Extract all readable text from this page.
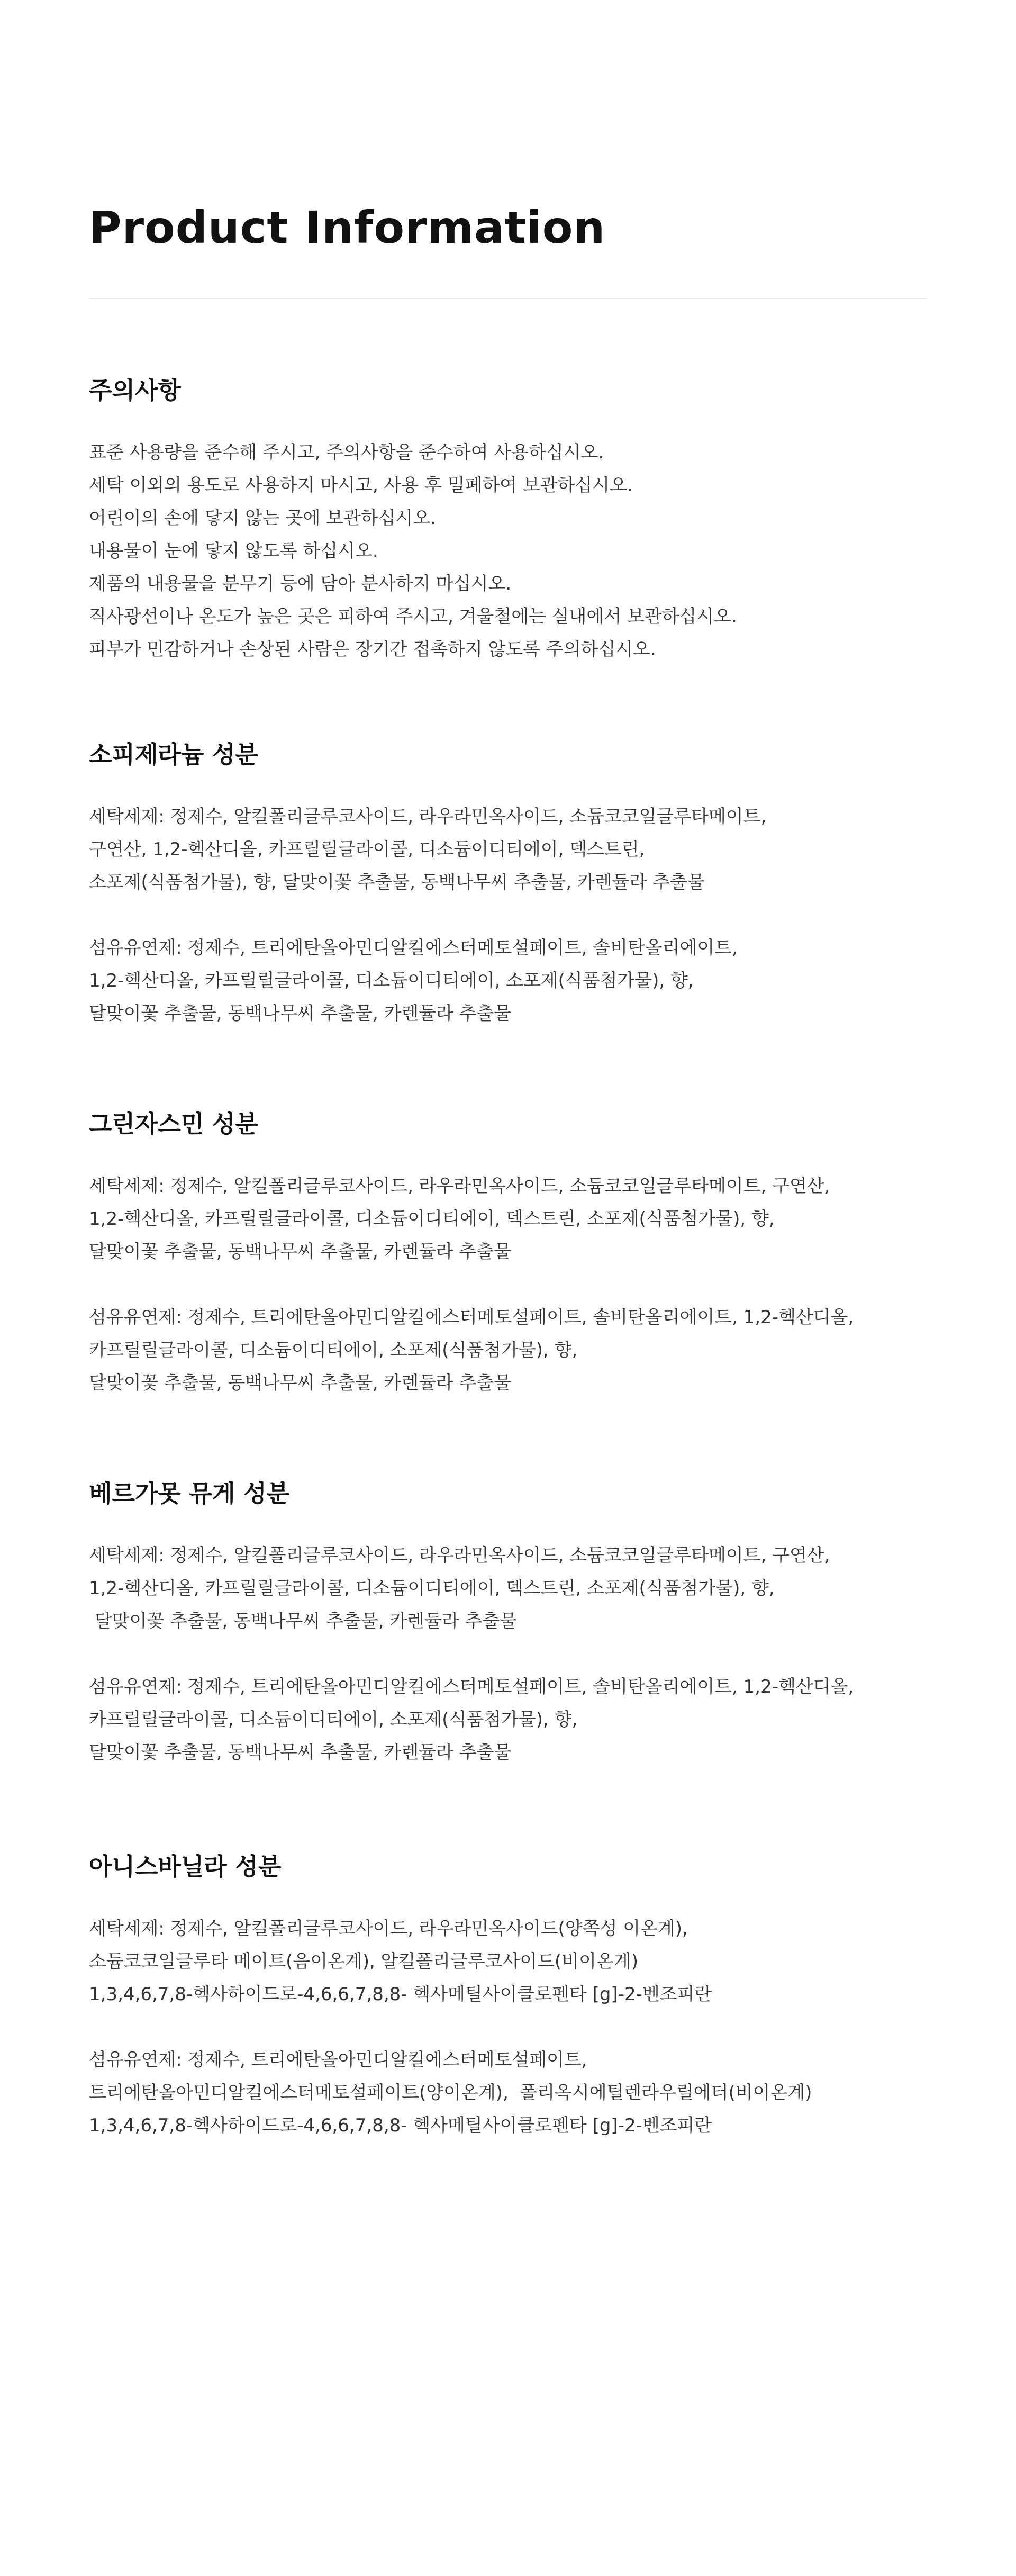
Product Information
주의사항
표준 사용량을 준수해 주시고, 주의사항을 준수하여 사용하십시오.
세탁 이외의 용도로 사용하지 마시고, 사용 후 밀폐하여 보관하십시오.
어린이의 손에 닿지 않는 곳에 보관하십시오.
내용물이 눈에 닿지 않도록 하십시오.
제품의 내용물을 분무기 등에 담아 분사하지 마십시오.
직사광선이나 온도가 높은 곳은 피하여 주시고, 겨울철에는 실내에서 보관하십시오.
피부가 민감하거나 손상된 사람은 장기간 접촉하지 않도록 주의하십시오.
소피제라늄 성분
세탁세제: 정제수, 알킬폴리글루코사이드, 라우라민옥사이드, 소듐코코일글루타메이트,
구연산, 1,2-헥산디올, 카프릴릴글라이콜, 디소듐이디티에이, 덱스트린,
소포제(식품첨가물), 향, 달맞이꽃 추출물, 동백나무씨 추출물, 카렌듈라 추출물
섬유유연제: 정제수, 트리에탄올아민디알킬에스터메토설페이트, 솔비탄올리에이트,
1,2-헥산디올, 카프릴릴글라이콜, 디소듐이디티에이, 소포제(식품첨가물), 향,
달맞이꽃 추출물, 동백나무씨 추출물, 카렌듈라 추출물
그린자스민 성분
세탁세제: 정제수, 알킬폴리글루코사이드, 라우라민옥사이드, 소듐코코일글루타메이트, 구연산,
1,2-헥산디올, 카프릴릴글라이콜, 디소듐이디티에이, 덱스트린, 소포제(식품첨가물), 향,
달맞이꽃 추출물, 동백나무씨 추출물, 카렌듈라 추출물
섬유유연제: 정제수, 트리에탄올아민디알킬에스터메토설페이트, 솔비탄올리에이트, 1,2-헥산디올,
카프릴릴글라이콜, 디소듐이디티에이, 소포제(식품첨가물), 향,
달맞이꽃 추출물, 동백나무씨 추출물, 카렌듈라 추출물
베르가못 뮤게 성분
세탁세제: 정제수, 알킬폴리글루코사이드, 라우라민옥사이드, 소듐코코일글루타메이트, 구연산,
1,2-헥산디올, 카프릴릴글라이콜, 디소듐이디티에이, 덱스트린, 소포제(식품첨가물), 향,
달맞이꽃 추출물, 동백나무씨 추출물, 카렌듈라 추출물
섬유유연제: 정제수, 트리에탄올아민디알킬에스터메토설페이트, 솔비탄올리에이트, 1,2-헥산디올,
카프릴릴글라이콜, 디소듐이디티에이, 소포제(식품첨가물), 향,
달맞이꽃 추출물, 동백나무씨 추출물, 카렌듈라 추출물
아니스바닐라 성분
세탁세제: 정제수, 알킬폴리글루코사이드, 라우라민옥사이드(양쪽성 이온계),
소듐코코일글루타 메이트(음이온계), 알킬폴리글루코사이드(비이온계)
1,3,4,6,7,8-헥사하이드로-4,6,6,7,8,8- 헥사메틸사이클로펜타 [g]-2-벤조피란
섬유유연제: 정제수, 트리에탄올아민디알킬에스터메토설페이트,
트리에탄올아민디알킬에스터메토설페이트(양이온계),  폴리옥시에틸렌라우릴에터(비이온계)
1,3,4,6,7,8-헥사하이드로-4,6,6,7,8,8- 헥사메틸사이클로펜타 [g]-2-벤조피란
